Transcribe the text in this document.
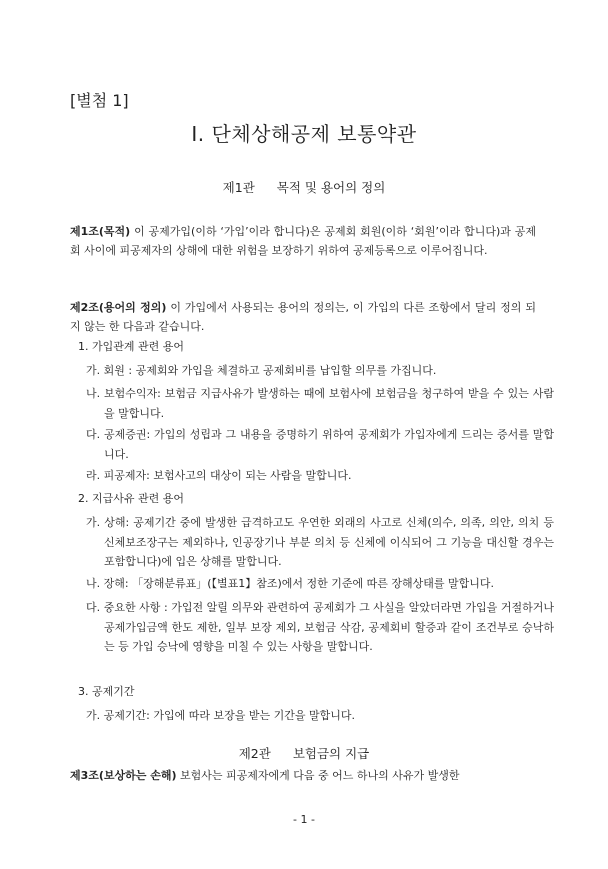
[별첨 1]
Ⅰ. 단체상해공제 보통약관
제1관 목적 및 용어의 정의

제1조(목적) 이 공제가입(이하 ‘가입’이라 합니다)은 공제회 회원(이하 ‘회원’이라 합니다)과 공제회 사이에 피공제자의 상해에 대한 위험을 보장하기 위하여 공제등록으로 이루어집니다.

제2조(용어의 정의) 이 가입에서 사용되는 용어의 정의는, 이 가입의 다른 조항에서 달리 정의 되지 않는 한 다음과 같습니다.

1. 가입관계 관련 용어

가. 회원 : 공제회와 가입을 체결하고 공제회비를 납입할 의무를 가집니다.

나. 보험수익자: 보험금 지급사유가 발생하는 때에 보험사에 보험금을 청구하여 받을 수 있는 사람을 말합니다.

다. 공제증권: 가입의 성립과 그 내용을 증명하기 위하여 공제회가 가입자에게 드리는 증서를 말합니다.

라. 피공제자: 보험사고의 대상이 되는 사람을 말합니다.

2. 지급사유 관련 용어

가. 상해: 공제기간 중에 발생한 급격하고도 우연한 외래의 사고로 신체(의수, 의족, 의안, 의치 등 신체보조장구는 제외하나, 인공장기나 부분 의치 등 신체에 이식되어 그 기능을 대신할 경우는 포함합니다)에 입은 상해를 말합니다.

나. 장해: 「장해분류표」(【별표1】참조)에서 정한 기준에 따른 장해상태를 말합니다.

다. 중요한 사항 : 가입전 알릴 의무와 관련하여 공제회가 그 사실을 알았더라면 가입을 거절하거나 공제가입금액 한도 제한, 일부 보장 제외, 보험금 삭감, 공제회비 할증과 같이 조건부로 승낙하는 등 가입 승낙에 영향을 미칠 수 있는 사항을 말합니다.

3. 공제기간

가. 공제기간: 가입에 따라 보장을 받는 기간을 말합니다.

제2관 보험금의 지급

제3조(보상하는 손해) 보험사는 피공제자에게 다음 중 어느 하나의 사유가 발생한

- 1 -
